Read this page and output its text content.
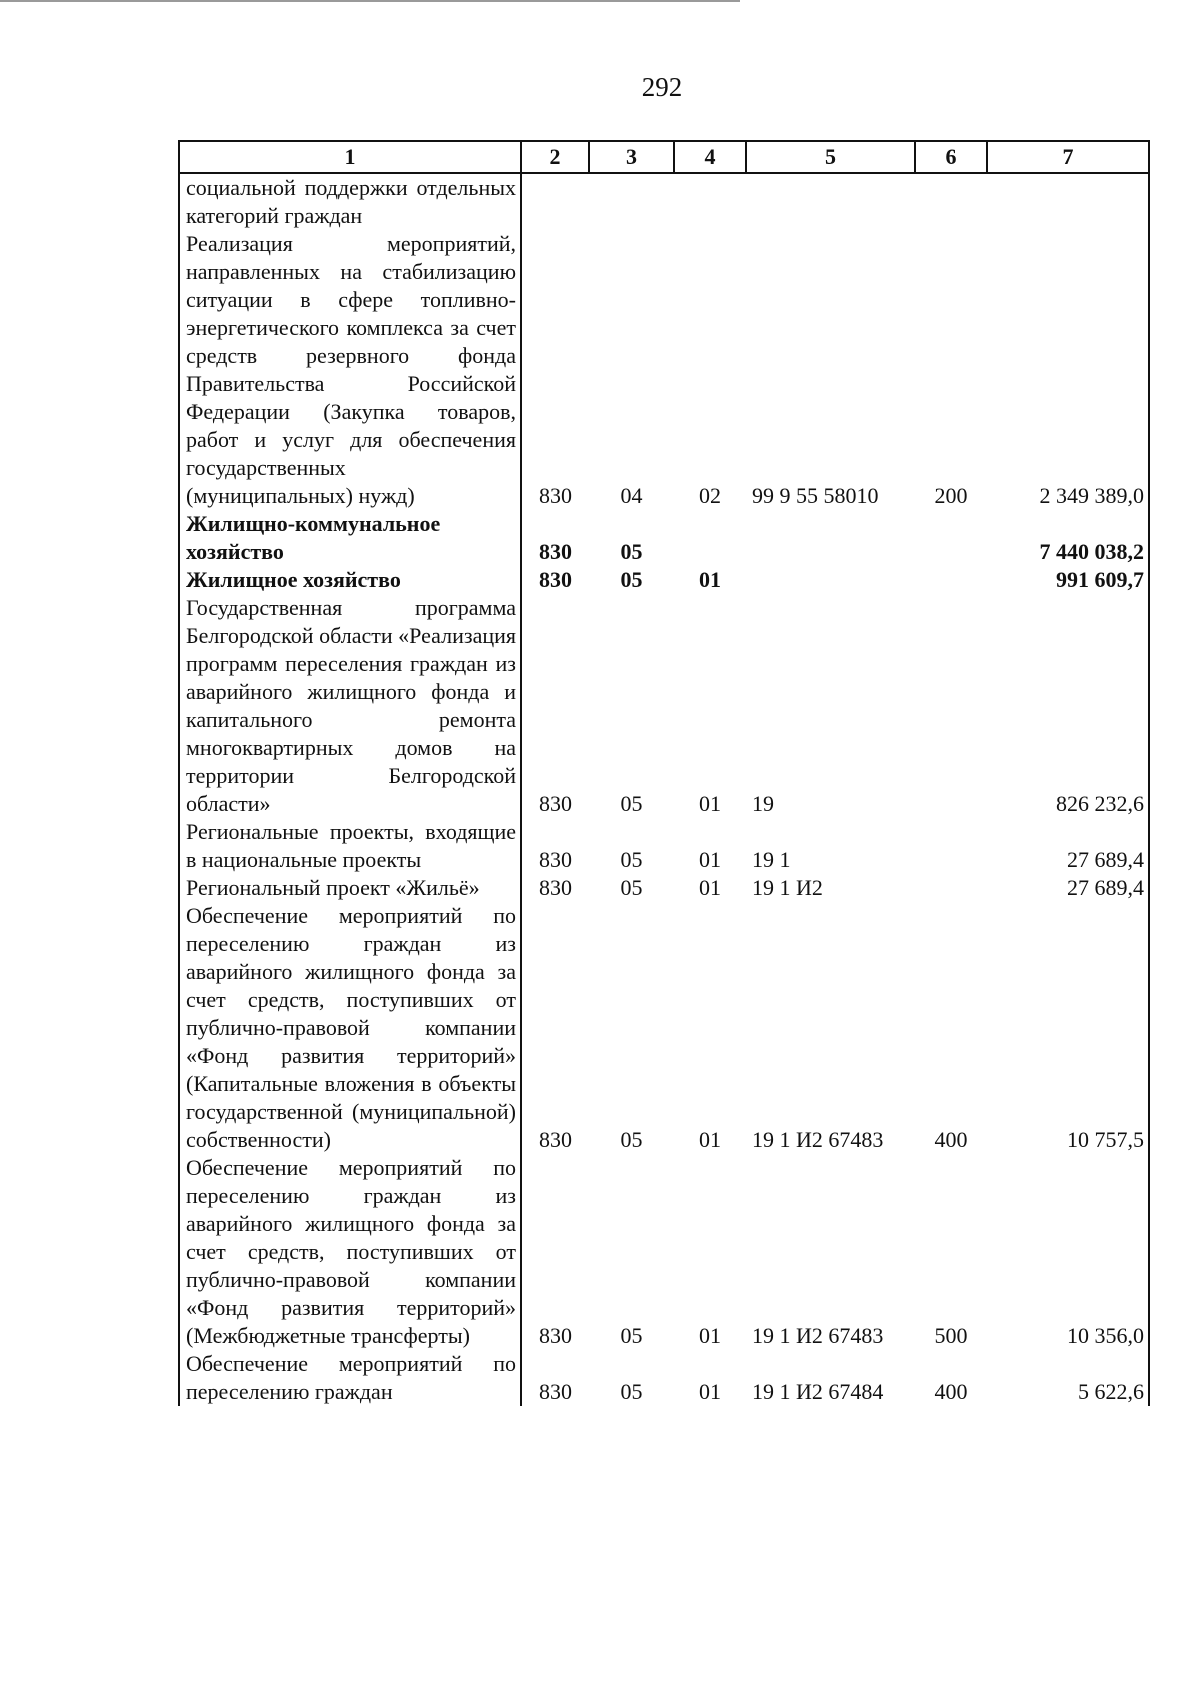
292
1	2	3	4	5	6	7
социальной поддержки отдельных категорий граждан						
Реализация мероприятий, направленных на стабилизацию ситуации в сфере топливно-энергетического комплекса за счет средств резервного фонда Правительства Российской Федерации (Закупка товаров, работ и услуг для обеспечения государственных (муниципальных) нужд)	830	04	02	99 9 55 58010	200	2 349 389,0
Жилищно-коммунальное хозяйство	830	05				7 440 038,2
Жилищное хозяйство	830	05	01			991 609,7
Государственная программа Белгородской области «Реализация программ переселения граждан из аварийного жилищного фонда и капитального ремонта многоквартирных домов на территории Белгородской области»	830	05	01	19		826 232,6
Региональные проекты, входящие в национальные проекты	830	05	01	19 1		27 689,4
Региональный проект «Жильё»	830	05	01	19 1 И2		27 689,4
Обеспечение мероприятий по переселению граждан из аварийного жилищного фонда за счет средств, поступивших от публично-правовой компании «Фонд развития территорий» (Капитальные вложения в объекты государственной (муниципальной) собственности)	830	05	01	19 1 И2 67483	400	10 757,5
Обеспечение мероприятий по переселению граждан из аварийного жилищного фонда за счет средств, поступивших от публично-правовой компании «Фонд развития территорий» (Межбюджетные трансферты)	830	05	01	19 1 И2 67483	500	10 356,0
Обеспечение мероприятий по переселению граждан	830	05	01	19 1 И2 67484	400	5 622,6
